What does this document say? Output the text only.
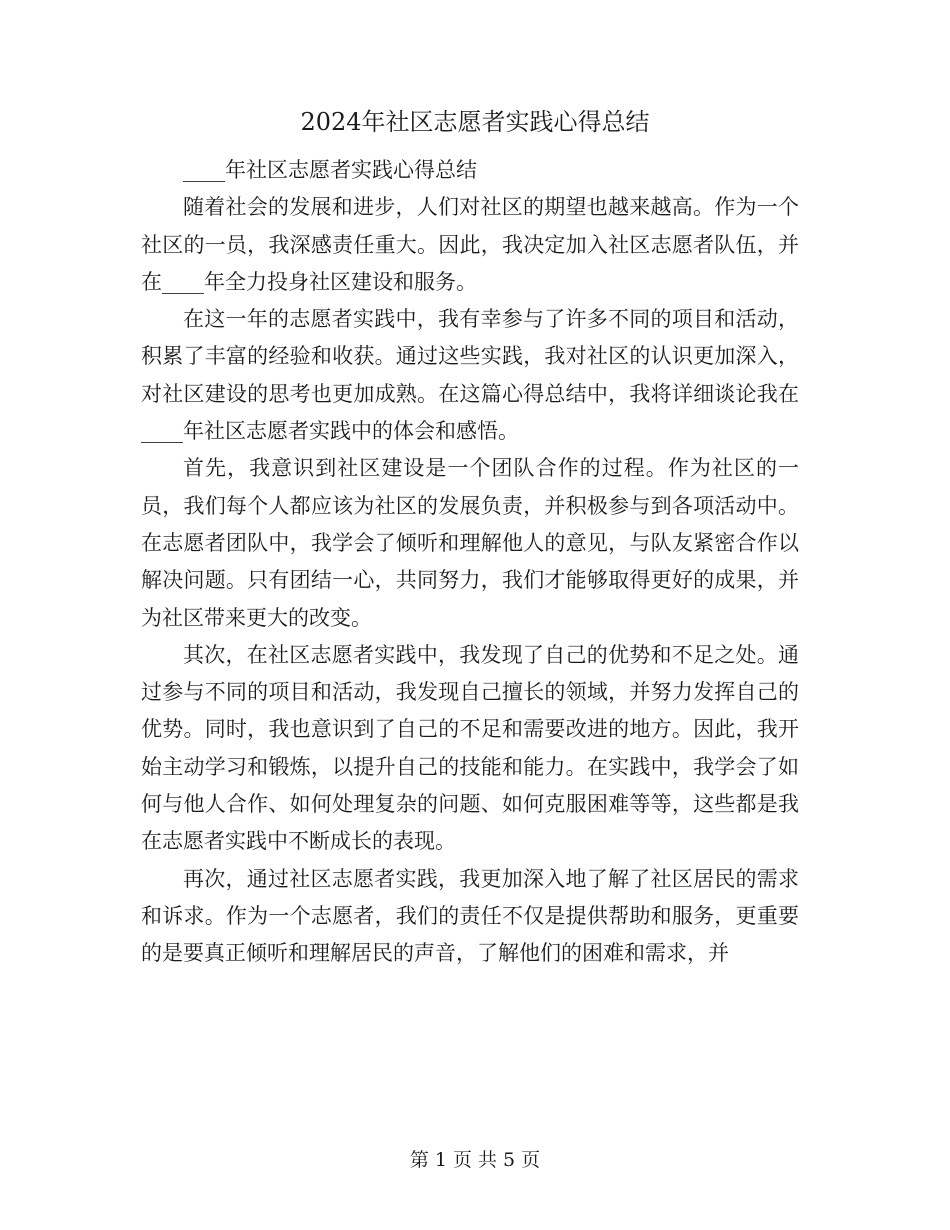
2024年社区志愿者实践心得总结

____年社区志愿者实践心得总结

随着社会的发展和进步，人们对社区的期望也越来越高。作为一个社区的一员，我深感责任重大。因此，我决定加入社区志愿者队伍，并在____年全力投身社区建设和服务。

在这一年的志愿者实践中，我有幸参与了许多不同的项目和活动，积累了丰富的经验和收获。通过这些实践，我对社区的认识更加深入，对社区建设的思考也更加成熟。在这篇心得总结中，我将详细谈论我在____年社区志愿者实践中的体会和感悟。

首先，我意识到社区建设是一个团队合作的过程。作为社区的一员，我们每个人都应该为社区的发展负责，并积极参与到各项活动中。在志愿者团队中，我学会了倾听和理解他人的意见，与队友紧密合作以解决问题。只有团结一心，共同努力，我们才能够取得更好的成果，并为社区带来更大的改变。

其次，在社区志愿者实践中，我发现了自己的优势和不足之处。通过参与不同的项目和活动，我发现自己擅长的领域，并努力发挥自己的优势。同时，我也意识到了自己的不足和需要改进的地方。因此，我开始主动学习和锻炼，以提升自己的技能和能力。在实践中，我学会了如何与他人合作、如何处理复杂的问题、如何克服困难等等，这些都是我在志愿者实践中不断成长的表现。

再次，通过社区志愿者实践，我更加深入地了解了社区居民的需求和诉求。作为一个志愿者，我们的责任不仅是提供帮助和服务，更重要的是要真正倾听和理解居民的声音，了解他们的困难和需求，并

第 1 页 共 5 页
